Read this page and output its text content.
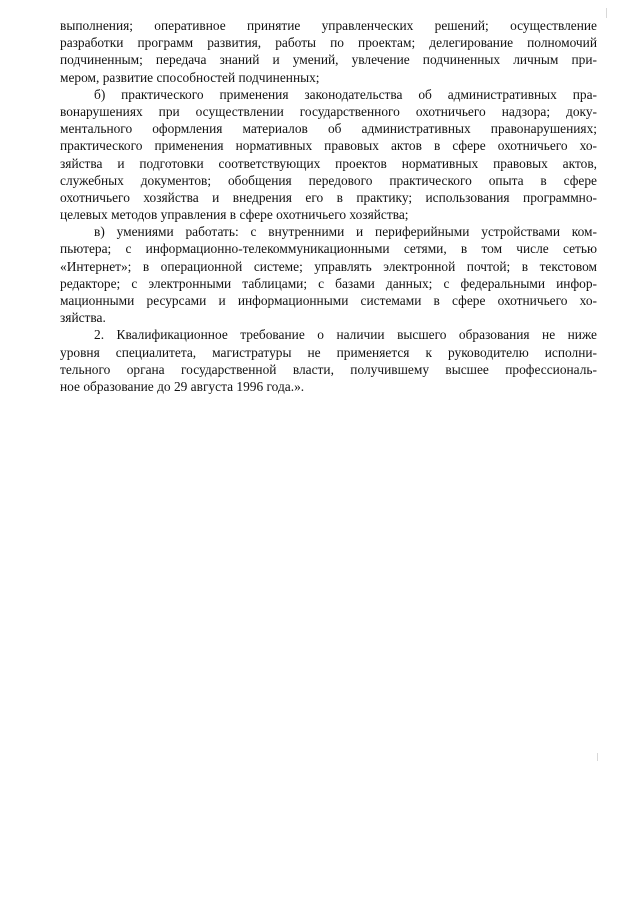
выполнения; оперативное принятие управленческих решений; осуществление
разработки программ развития, работы по проектам; делегирование полномочий
подчиненным; передача знаний и умений, увлечение подчиненных личным при-
мером, развитие способностей подчиненных;
б) практического применения законодательства об административных пра-
вонарушениях при осуществлении государственного охотничьего надзора; доку-
ментального оформления материалов об административных правонарушениях;
практического применения нормативных правовых актов в сфере охотничьего хо-
зяйства и подготовки соответствующих проектов нормативных правовых актов,
служебных документов; обобщения передового практического опыта в сфере
охотничьего хозяйства и внедрения его в практику; использования программно-
целевых методов управления в сфере охотничьего хозяйства;
в) умениями работать: с внутренними и периферийными устройствами ком-
пьютера; с информационно-телекоммуникационными сетями, в том числе сетью
«Интернет»; в операционной системе; управлять электронной почтой; в текстовом
редакторе; с электронными таблицами; с базами данных; с федеральными инфор-
мационными ресурсами и информационными системами в сфере охотничьего хо-
зяйства.
2. Квалификационное требование о наличии высшего образования не ниже
уровня специалитета, магистратуры не применяется к руководителю исполни-
тельного органа государственной власти, получившему высшее профессиональ-
ное образование до 29 августа 1996 года.».
